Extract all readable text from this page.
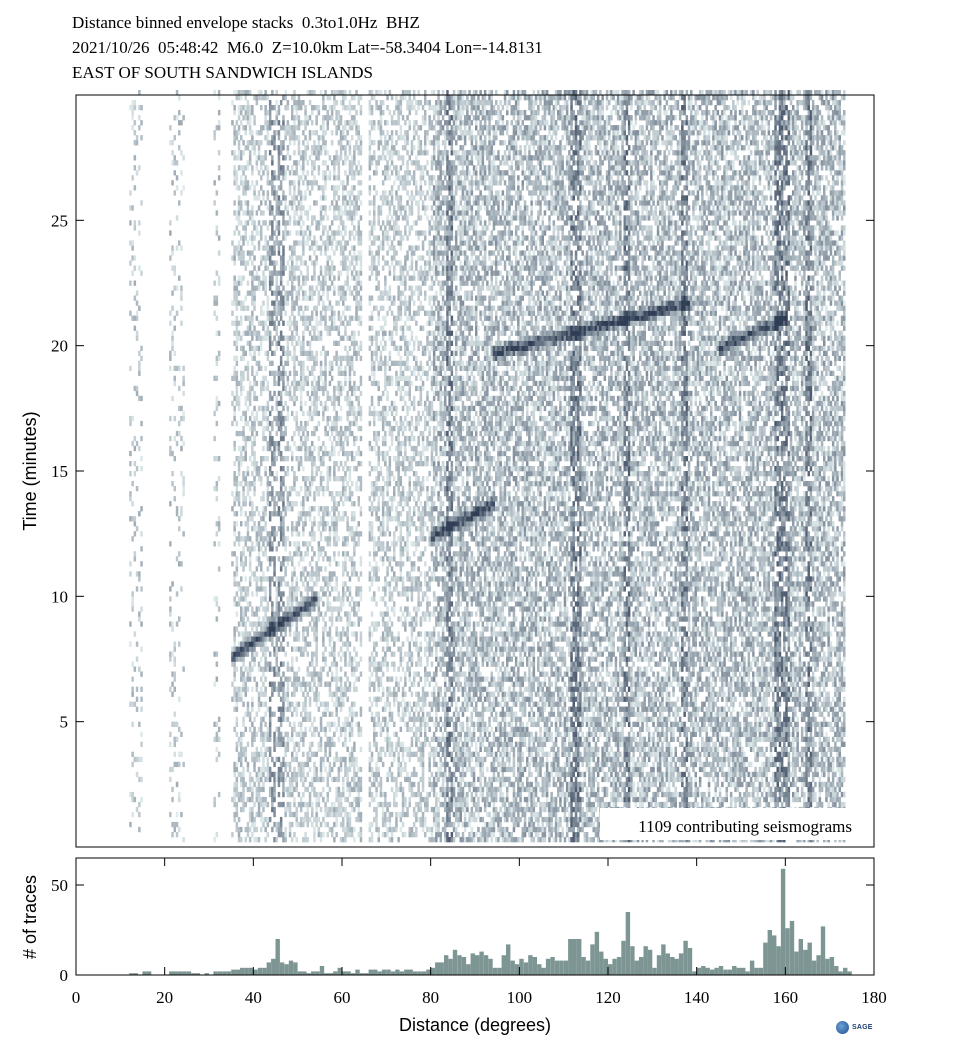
Distance binned envelope stacks  0.3to1.0Hz  BHZ
2021/10/26  05:48:42  M6.0  Z=10.0km Lat=-58.3404 Lon=-14.8131
EAST OF SOUTH SANDWICH ISLANDS
5
10
15
20
25
1109 contributing seismograms
Time (minutes)
0	20	40	60	80	100	120	140	160	180
0
50
# of traces
Distance (degrees)	SAGE
